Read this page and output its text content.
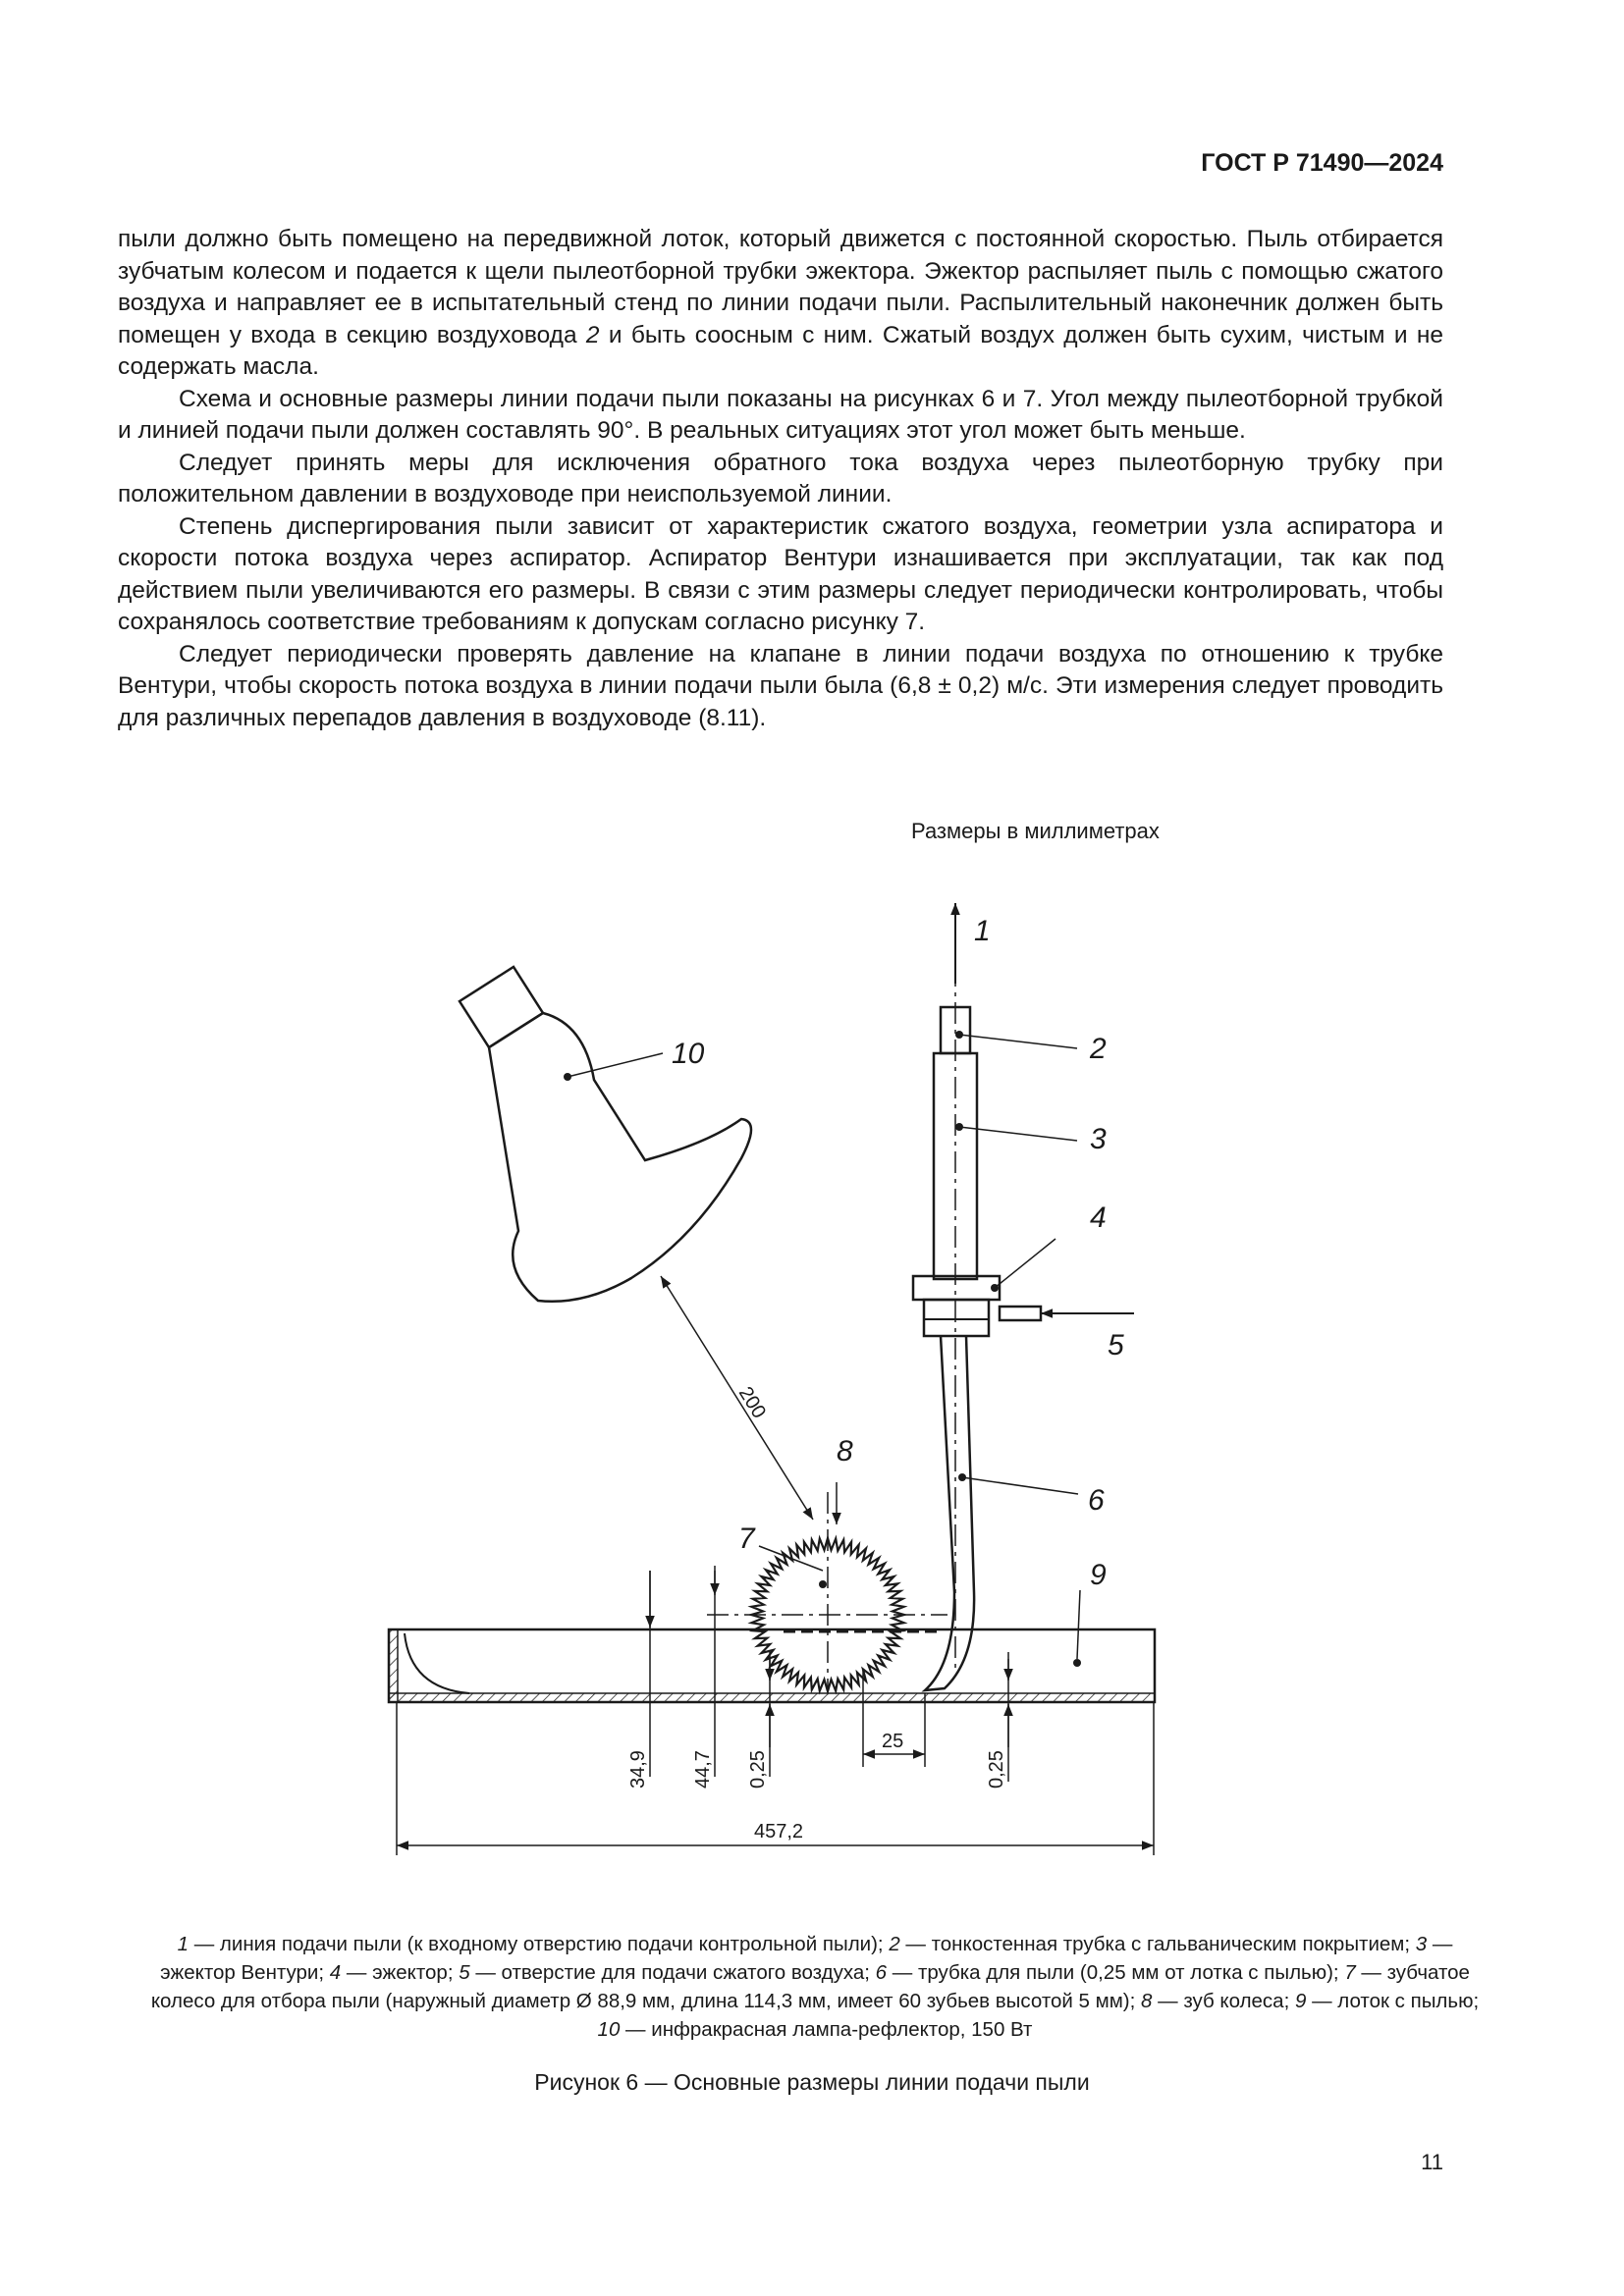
ГОСТ Р 71490—2024

пыли должно быть помещено на передвижной лоток, который движется с постоянной скоростью. Пыль отбирается зубчатым колесом и подается к щели пылеотборной трубки эжектора. Эжектор распыляет пыль с помощью сжатого воздуха и направляет ее в испытательный стенд по линии подачи пыли. Распылительный наконечник должен быть помещен у входа в секцию воздуховода 2 и быть соосным с ним. Сжатый воздух должен быть сухим, чистым и не содержать масла.

Схема и основные размеры линии подачи пыли показаны на рисунках 6 и 7. Угол между пылеотборной трубкой и линией подачи пыли должен составлять 90°. В реальных ситуациях этот угол может быть меньше.

Следует принять меры для исключения обратного тока воздуха через пылеотборную трубку при положительном давлении в воздуховоде при неиспользуемой линии.

Степень диспергирования пыли зависит от характеристик сжатого воздуха, геометрии узла аспиратора и скорости потока воздуха через аспиратор. Аспиратор Вентури изнашивается при эксплуатации, так как под действием пыли увеличиваются его размеры. В связи с этим размеры следует периодически контролировать, чтобы сохранялось соответствие требованиям к допускам согласно рисунку 7.

Следует периодически проверять давление на клапане в линии подачи воздуха по отношению к трубке Вентури, чтобы скорость потока воздуха в линии подачи пыли была (6,8 ± 0,2) м/с. Эти измерения следует проводить для различных перепадов давления в воздуховоде (8.11).

Размеры в миллиметрах
1
2
3
4
5
6
7
8
9
10
200
34,9 44,7 0,25
25
0,25
457,2
1 — линия подачи пыли (к входному отверстию подачи контрольной пыли); 2 — тонкостенная трубка с гальваническим покрытием; 3 — эжектор Вентури; 4 — эжектор; 5 — отверстие для подачи сжатого воздуха; 6 — трубка для пыли (0,25 мм от лотка с пылью); 7 — зубчатое колесо для отбора пыли (наружный диаметр Ø 88,9 мм, длина 114,3 мм, имеет 60 зубьев высотой 5 мм); 8 — зуб колеса; 9 — лоток с пылью; 10 — инфракрасная лампа-рефлектор, 150 Вт
Рисунок 6 — Основные размеры линии подачи пыли
11
